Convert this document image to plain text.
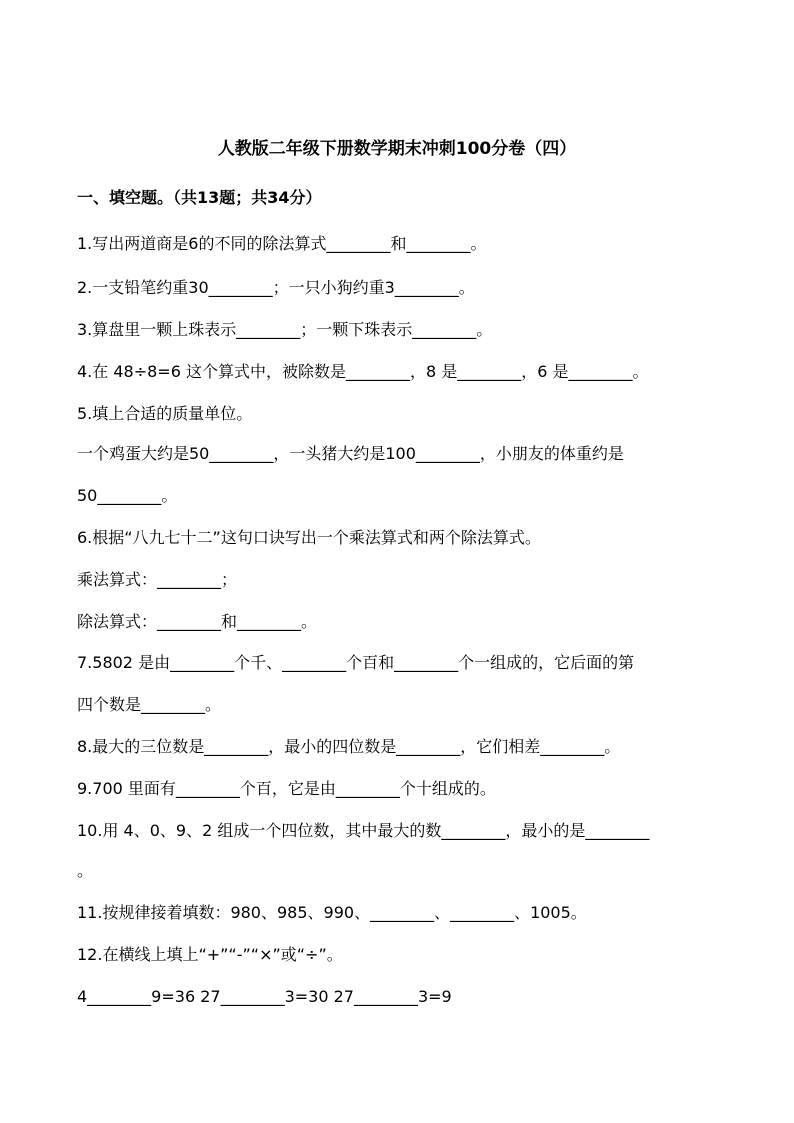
人教版二年级下册数学期末冲刺100分卷（四）
一、填空题。（共13题；共34分）
1.写出两道商是6的不同的除法算式________和________。
2.一支铅笔约重30________；一只小狗约重3________。
3.算盘里一颗上珠表示________；一颗下珠表示________。
4.在 48÷8=6 这个算式中，被除数是________，8 是________，6 是________。
5.填上合适的质量单位。
一个鸡蛋大约是50________，一头猪大约是100________，小朋友的体重约是
50________。
6.根据“八九七十二”这句口诀写出一个乘法算式和两个除法算式。
乘法算式：________；
除法算式：________和________。
7.5802 是由________个千、________个百和________个一组成的，它后面的第
四个数是________。
8.最大的三位数是________，最小的四位数是________，它们相差________。
9.700 里面有________个百，它是由________个十组成的。
10.用 4、0、9、2 组成一个四位数，其中最大的数________，最小的是________
。
11.按规律接着填数：980、985、990、________、________、1005。
12.在横线上填上“+”“-”“×”或“÷”。
4________9=36 27________3=30 27________3=9
